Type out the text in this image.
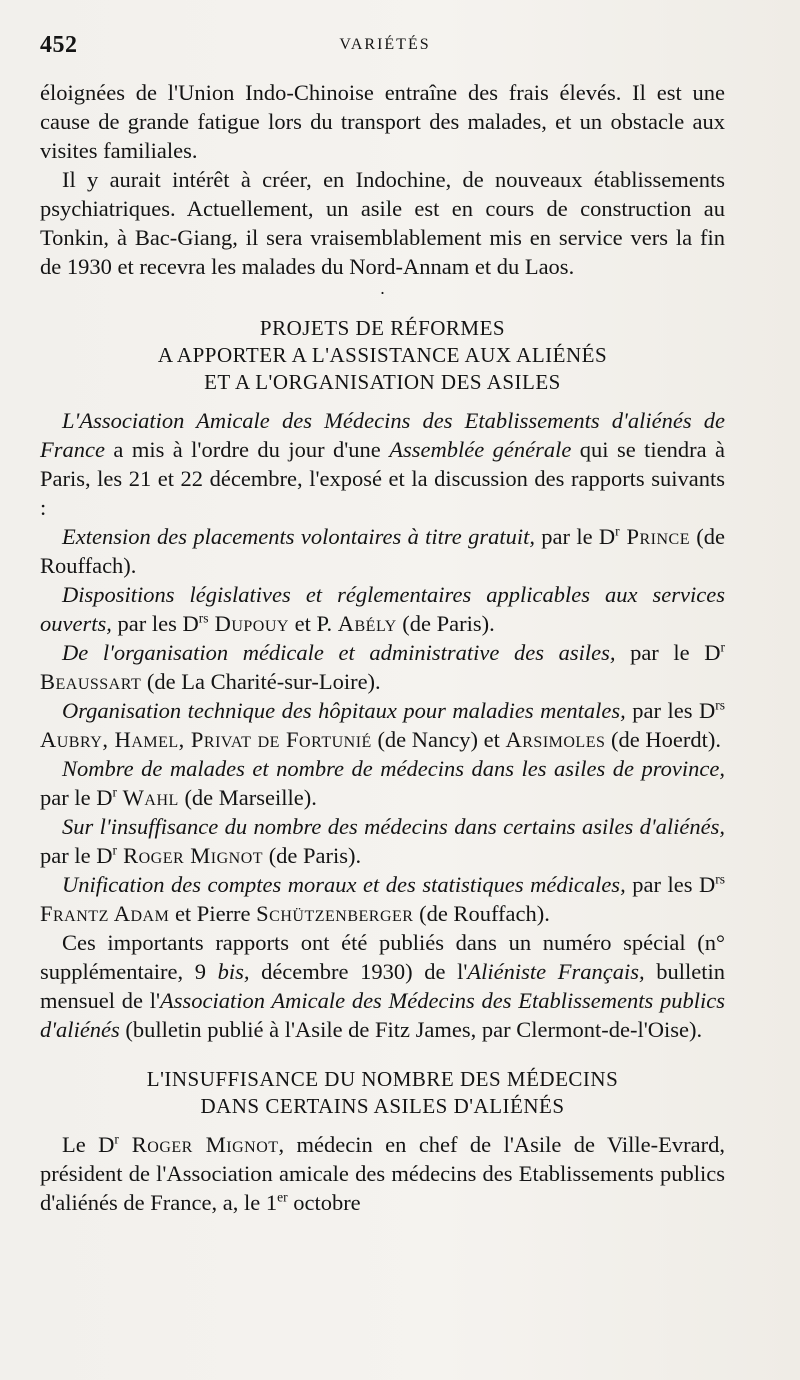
452	VARIÉTÉS

éloignées de l'Union Indo-Chinoise entraîne des frais élevés. Il est une cause de grande fatigue lors du transport des malades, et un obstacle aux visites familiales.

Il y aurait intérêt à créer, en Indochine, de nouveaux établissements psychiatriques. Actuellement, un asile est en cours de construction au Tonkin, à Bac-Giang, il sera vraisemblablement mis en service vers la fin de 1930 et recevra les malades du Nord-Annam et du Laos.

·
PROJETS DE RÉFORMES
A APPORTER A L'ASSISTANCE AUX ALIÉNÉS
ET A L'ORGANISATION DES ASILES

L'Association Amicale des Médecins des Etablissements d'aliénés de France a mis à l'ordre du jour d'une Assemblée générale qui se tiendra à Paris, les 21 et 22 décembre, l'exposé et la discussion des rapports suivants :

Extension des placements volontaires à titre gratuit, par le $D^r$ Prince (de Rouffach).

Dispositions législatives et réglementaires applicables aux services ouverts, par les $D^{rs}$ Dupouy et P. Abély (de Paris).

De l'organisation médicale et administrative des asiles, par le $D^r$ Beaussart (de La Charité-sur-Loire).

Organisation technique des hôpitaux pour maladies mentales, par les $D^{rs}$ Aubry, Hamel, Privat de Fortunié (de Nancy) et Arsimoles (de Hoerdt).

Nombre de malades et nombre de médecins dans les asiles de province, par le $D^r$ Wahl (de Marseille).

Sur l'insuffisance du nombre des médecins dans certains asiles d'aliénés, par le $D^r$ Roger Mignot (de Paris).

Unification des comptes moraux et des statistiques médicales, par les $D^{rs}$ Frantz Adam et Pierre Schützenberger (de Rouffach).

Ces importants rapports ont été publiés dans un numéro spécial (n° supplémentaire, 9 bis, décembre 1930) de l'Aliéniste Français, bulletin mensuel de l'Association Amicale des Médecins des Etablissements publics d'aliénés (bulletin publié à l'Asile de Fitz James, par Clermont-de-l'Oise).

L'INSUFFISANCE DU NOMBRE DES MÉDECINS
DANS CERTAINS ASILES D'ALIÉNÉS

Le $D^r$ Roger Mignot, médecin en chef de l'Asile de Ville-Evrard, président de l'Association amicale des médecins des Etablissements publics d'aliénés de France, a, le 1er octobre
